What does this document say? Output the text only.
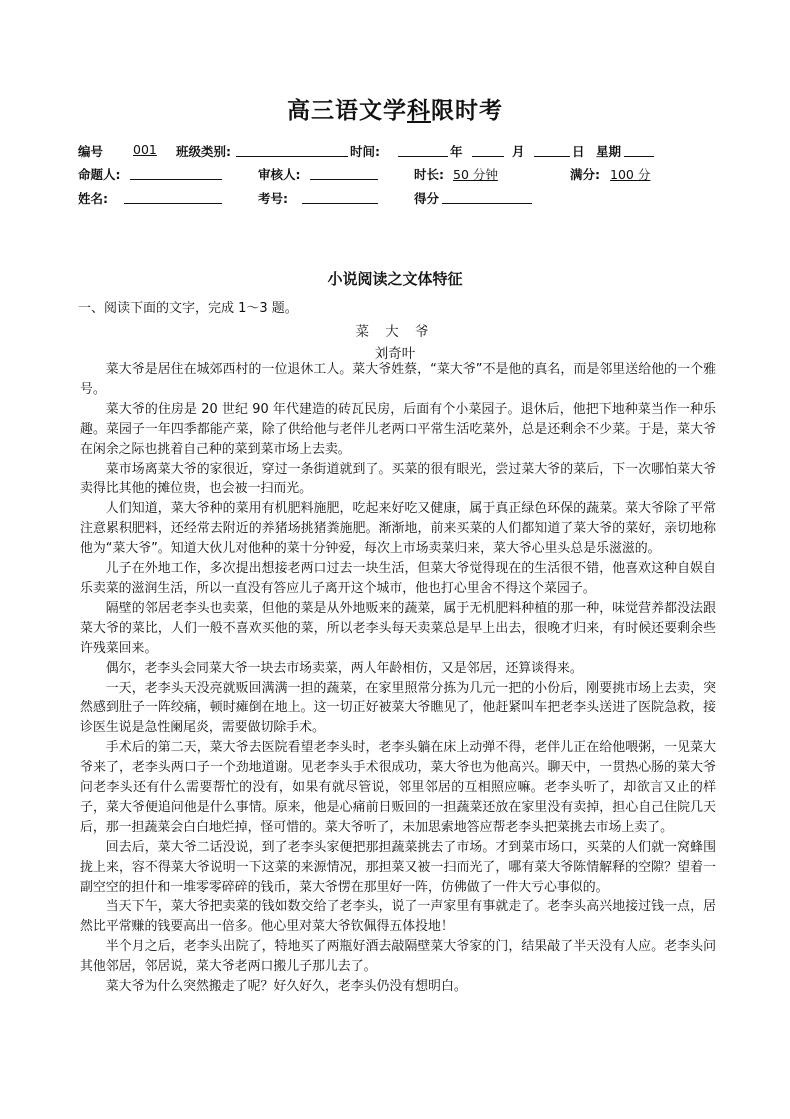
高三语文学科限时考
编号 001 班级类别:	时间:	年	月	日 星期
命题人:	审核人:	时长: 50 分钟	满分: 100 分
姓名:	考号:	得分
小说阅读之文体特征
一、阅读下面的文字，完成 1～3 题。
菜 大 爷
刘奇叶

菜大爷是居住在城郊西村的一位退休工人。菜大爷姓蔡，“菜大爷”不是他的真名，而是邻里送给他的一个雅号。

菜大爷的住房是 20 世纪 90 年代建造的砖瓦民房，后面有个小菜园子。退休后，他把下地种菜当作一种乐趣。菜园子一年四季都能产菜，除了供给他与老伴儿老两口平常生活吃菜外，总是还剩余不少菜。于是，菜大爷在闲余之际也挑着自己种的菜到菜市场上去卖。

菜市场离菜大爷的家很近，穿过一条街道就到了。买菜的很有眼光，尝过菜大爷的菜后，下一次哪怕菜大爷卖得比其他的摊位贵，也会被一扫而光。

人们知道，菜大爷种的菜用有机肥料施肥，吃起来好吃又健康，属于真正绿色环保的蔬菜。菜大爷除了平常注意累积肥料，还经常去附近的养猪场挑猪粪施肥。渐渐地，前来买菜的人们都知道了菜大爷的菜好，亲切地称他为“菜大爷”。知道大伙儿对他种的菜十分钟爱，每次上市场卖菜归来，菜大爷心里头总是乐滋滋的。

儿子在外地工作，多次提出想接老两口过去一块生活，但菜大爷觉得现在的生活很不错，他喜欢这种自娱自乐卖菜的滋润生活，所以一直没有答应儿子离开这个城市，他也打心里舍不得这个菜园子。

隔壁的邻居老李头也卖菜，但他的菜是从外地贩来的蔬菜，属于无机肥料种植的那一种，味觉营养都没法跟菜大爷的菜比，人们一般不喜欢买他的菜，所以老李头每天卖菜总是早上出去，很晚才归来，有时候还要剩余些许残菜回来。

偶尔，老李头会同菜大爷一块去市场卖菜，两人年龄相仿，又是邻居，还算谈得来。

一天，老李头天没亮就贩回满满一担的蔬菜，在家里照常分拣为几元一把的小份后，刚要挑市场上去卖，突然感到肚子一阵绞痛，顿时瘫倒在地上。这一切正好被菜大爷瞧见了，他赶紧叫车把老李头送进了医院急救，接诊医生说是急性阑尾炎，需要做切除手术。

手术后的第二天，菜大爷去医院看望老李头时，老李头躺在床上动弹不得，老伴儿正在给他喂粥，一见菜大爷来了，老李头两口子一个劲地道谢。见老李头手术很成功，菜大爷也为他高兴。聊天中，一贯热心肠的菜大爷问老李头还有什么需要帮忙的没有，如果有就尽管说，邻里邻居的互相照应嘛。老李头听了，却欲言又止的样子，菜大爷便追问他是什么事情。原来，他是心痛前日贩回的一担蔬菜还放在家里没有卖掉，担心自己住院几天后，那一担蔬菜会白白地烂掉，怪可惜的。菜大爷听了，未加思索地答应帮老李头把菜挑去市场上卖了。

回去后，菜大爷二话没说，到了老李头家便把那担蔬菜挑去了市场。才到菜市场口，买菜的人们就一窝蜂围拢上来，容不得菜大爷说明一下这菜的来源情况，那担菜又被一扫而光了，哪有菜大爷陈情解释的空隙？望着一副空空的担什和一堆零零碎碎的钱币，菜大爷愣在那里好一阵，仿佛做了一件大亏心事似的。

当天下午，菜大爷把卖菜的钱如数交给了老李头，说了一声家里有事就走了。老李头高兴地接过钱一点，居然比平常赚的钱要高出一倍多。他心里对菜大爷钦佩得五体投地！

半个月之后，老李头出院了，特地买了两瓶好酒去敲隔壁菜大爷家的门，结果敲了半天没有人应。老李头问其他邻居，邻居说，菜大爷老两口搬儿子那儿去了。

菜大爷为什么突然搬走了呢？好久好久，老李头仍没有想明白。
